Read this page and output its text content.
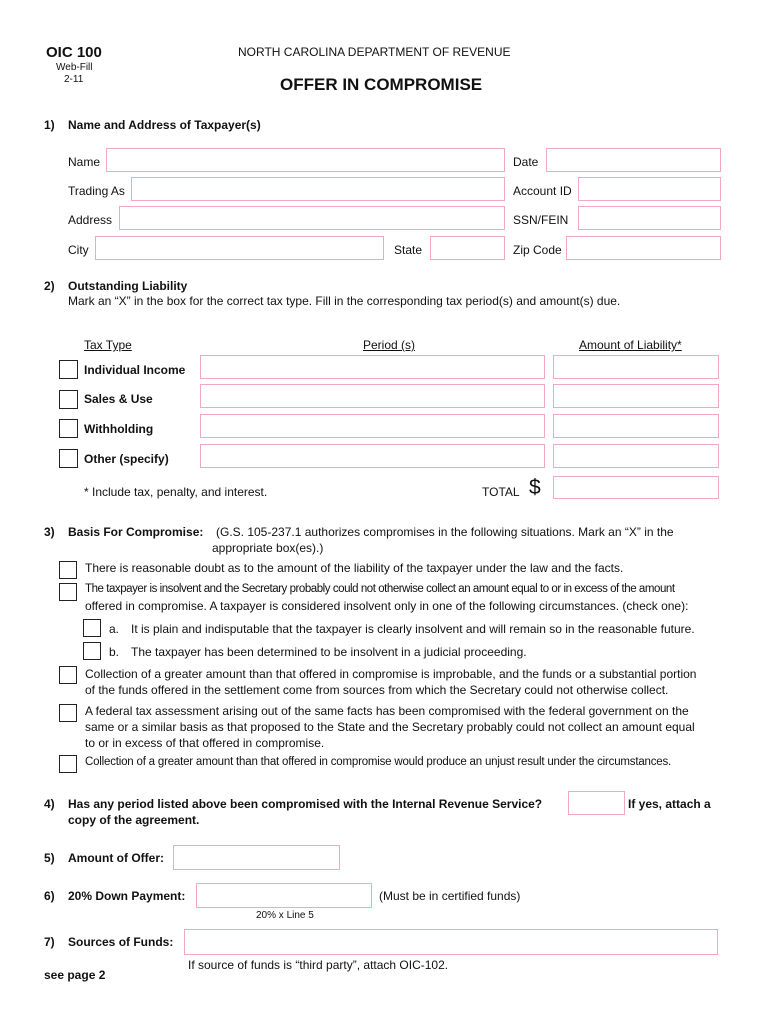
OIC 100
Web-Fill
2-11
NORTH CAROLINA DEPARTMENT OF REVENUE
OFFER IN COMPROMISE
1) Name and Address of Taxpayer(s)
Name	Date
Trading As	Account ID
Address	SSN/FEIN
City	State	Zip Code
2) Outstanding Liability
Mark an “X” in the box for the correct tax type. Fill in the corresponding tax period(s) and amount(s) due.
Tax Type	Period (s)	Amount of Liability*
Individual Income
Sales & Use
Withholding
Other (specify)
* Include tax, penalty, and interest.	TOTAL $
3) Basis For Compromise: (G.S. 105-237.1 authorizes compromises in the following situations. Mark an “X” in the
appropriate box(es).)
There is reasonable doubt as to the amount of the liability of the taxpayer under the law and the facts.
The taxpayer is insolvent and the Secretary probably could not otherwise collect an amount equal to or in excess of the amount
offered in compromise. A taxpayer is considered insolvent only in one of the following circumstances. (check one):
a. It is plain and indisputable that the taxpayer is clearly insolvent and will remain so in the reasonable future.
b. The taxpayer has been determined to be insolvent in a judicial proceeding.
Collection of a greater amount than that offered in compromise is improbable, and the funds or a substantial portion
of the funds offered in the settlement come from sources from which the Secretary could not otherwise collect.
A federal tax assessment arising out of the same facts has been compromised with the federal government on the
same or a similar basis as that proposed to the State and the Secretary probably could not collect an amount equal
to or in excess of that offered in compromise.
Collection of a greater amount than that offered in compromise would produce an unjust result under the circumstances.
4) Has any period listed above been compromised with the Internal Revenue Service?	If yes, attach a
copy of the agreement.
5) Amount of Offer:
6) 20% Down Payment:	(Must be in certified funds)
20% x Line 5
7) Sources of Funds:
If source of funds is “third party”, attach OIC-102.
see page 2
